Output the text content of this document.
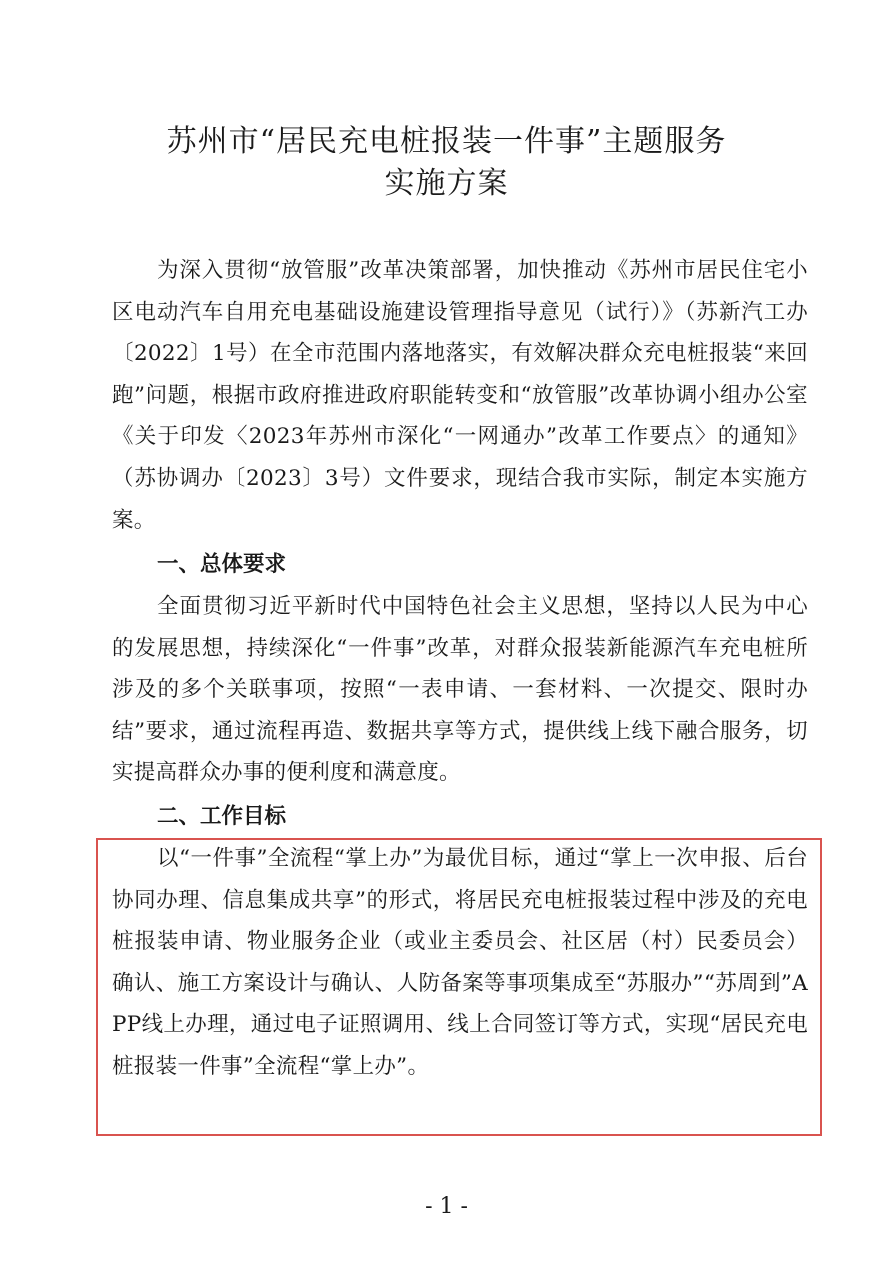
苏州市“居民充电桩报装一件事”主题服务
实施方案
为深入贯彻“放管服”改革决策部署，加快推动《苏州市居民住宅小区电动汽车自用充电基础设施建设管理指导意见（试行）》（苏新汽工办〔2022〕1号）在全市范围内落地落实，有效解决群众充电桩报装“来回跑”问题，根据市政府推进政府职能转变和“放管服”改革协调小组办公室《关于印发〈2023年苏州市深化“一网通办”改革工作要点〉的通知》（苏协调办〔2023〕3号）文件要求，现结合我市实际，制定本实施方案。
一、总体要求
全面贯彻习近平新时代中国特色社会主义思想，坚持以人民为中心的发展思想，持续深化“一件事”改革，对群众报装新能源汽车充电桩所涉及的多个关联事项，按照“一表申请、一套材料、一次提交、限时办结”要求，通过流程再造、数据共享等方式，提供线上线下融合服务，切实提高群众办事的便利度和满意度。
二、工作目标
以“一件事”全流程“掌上办”为最优目标，通过“掌上一次申报、后台协同办理、信息集成共享”的形式，将居民充电桩报装过程中涉及的充电桩报装申请、物业服务企业（或业主委员会、社区居（村）民委员会）确认、施工方案设计与确认、人防备案等事项集成至“苏服办”“苏周到”APP线上办理，通过电子证照调用、线上合同签订等方式，实现“居民充电桩报装一件事”全流程“掌上办”。
- 1 -
